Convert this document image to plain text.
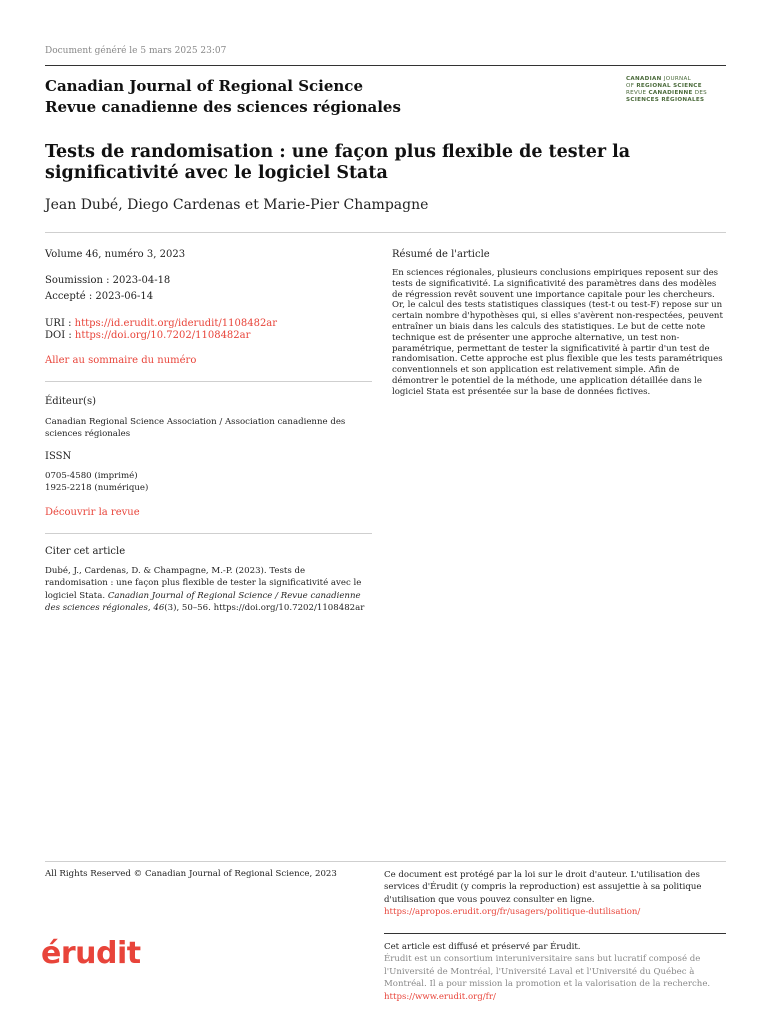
Document généré le 5 mars 2025 23:07
Canadian Journal of Regional Science
Revue canadienne des sciences régionales
CANADIAN JOURNAL
OF REGIONAL SCIENCE
REVUE CANADIENNE DES
SCIENCES RÉGIONALES
Tests de randomisation : une façon plus flexible de tester la significativité avec le logiciel Stata
Jean Dubé, Diego Cardenas et Marie-Pier Champagne
Volume 46, numéro 3, 2023
Soumission : 2023-04-18
Accepté : 2023-06-14
URI : https://id.erudit.org/iderudit/1108482ar
DOI : https://doi.org/10.7202/1108482ar
Aller au sommaire du numéro
Éditeur(s)
Canadian Regional Science Association / Association canadienne des sciences régionales
ISSN
0705-4580 (imprimé)
1925-2218 (numérique)
Découvrir la revue
Citer cet article
Dubé, J., Cardenas, D. & Champagne, M.-P. (2023). Tests de randomisation : une façon plus flexible de tester la significativité avec le logiciel Stata. Canadian Journal of Regional Science / Revue canadienne des sciences régionales, 46(3), 50–56. https://doi.org/10.7202/1108482ar
Résumé de l'article
En sciences régionales, plusieurs conclusions empiriques reposent sur des tests de significativité. La significativité des paramètres dans des modèles de régression revêt souvent une importance capitale pour les chercheurs. Or, le calcul des tests statistiques classiques (test-t ou test-F) repose sur un certain nombre d'hypothèses qui, si elles s'avèrent non-respectées, peuvent entraîner un biais dans les calculs des statistiques. Le but de cette note technique est de présenter une approche alternative, un test non-paramétrique, permettant de tester la significativité à partir d'un test de randomisation. Cette approche est plus flexible que les tests paramétriques conventionnels et son application est relativement simple. Afin de démontrer le potentiel de la méthode, une application détaillée dans le logiciel Stata est présentée sur la base de données fictives.
All Rights Reserved © Canadian Journal of Regional Science, 2023	Ce document est protégé par la loi sur le droit d'auteur. L'utilisation des services d'Érudit (y compris la reproduction) est assujettie à sa politique d'utilisation que vous pouvez consulter en ligne.
https://apropos.erudit.org/fr/usagers/politique-dutilisation/
érudit	Cet article est diffusé et préservé par Érudit.
Érudit est un consortium interuniversitaire sans but lucratif composé de l'Université de Montréal, l'Université Laval et l'Université du Québec à Montréal. Il a pour mission la promotion et la valorisation de la recherche.
https://www.erudit.org/fr/
